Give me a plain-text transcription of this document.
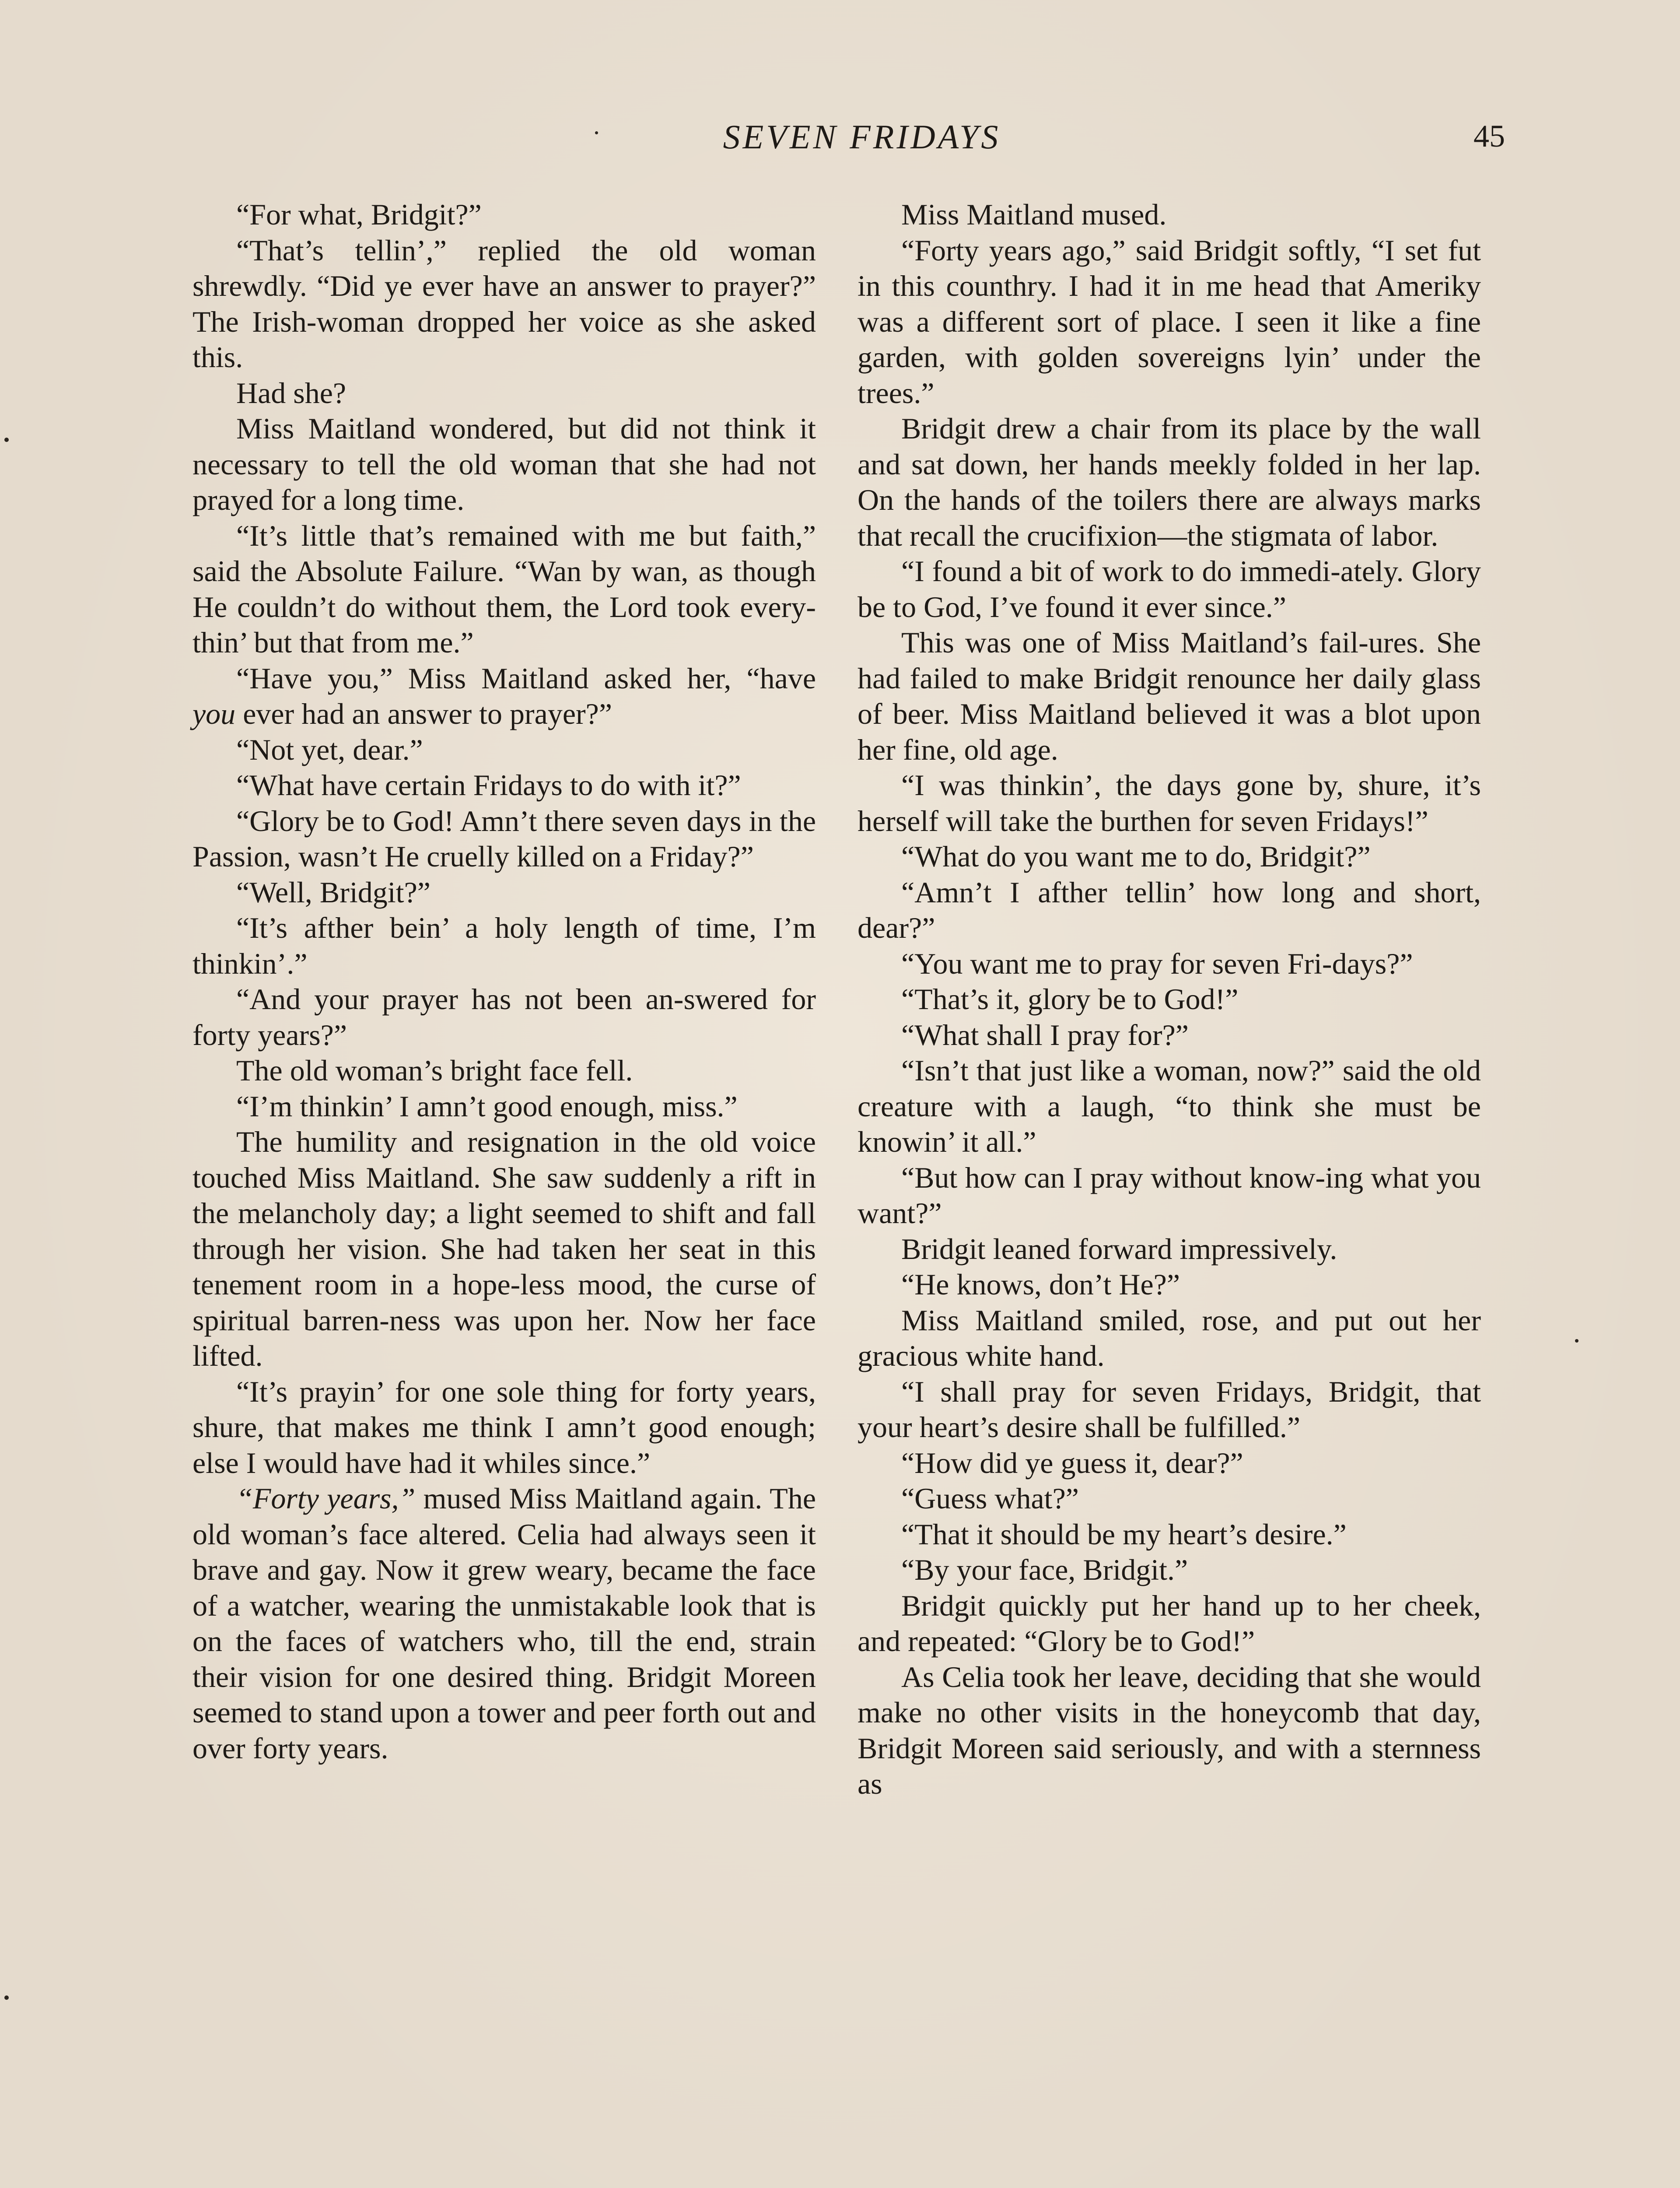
SEVEN FRIDAYS	45

“For what, Bridgit?”

“That’s tellin’,” replied the old woman shrewdly. “Did ye ever have an answer to prayer?” The Irish-woman dropped her voice as she asked this.

Had she?

Miss Maitland wondered, but did not think it necessary to tell the old woman that she had not prayed for a long time.

“It’s little that’s remained with me but faith,” said the Absolute Failure. “Wan by wan, as though He couldn’t do without them, the Lord took every-thin’ but that from me.”

“Have you,” Miss Maitland asked her, “have you ever had an answer to prayer?”

“Not yet, dear.”

“What have certain Fridays to do with it?”

“Glory be to God! Amn’t there seven days in the Passion, wasn’t He cruelly killed on a Friday?”

“Well, Bridgit?”

“It’s afther bein’ a holy length of time, I’m thinkin’.”

“And your prayer has not been an-swered for forty years?”

The old woman’s bright face fell.

“I’m thinkin’ I amn’t good enough, miss.”

The humility and resignation in the old voice touched Miss Maitland. She saw suddenly a rift in the melancholy day; a light seemed to shift and fall through her vision. She had taken her seat in this tenement room in a hope-less mood, the curse of spiritual barren-ness was upon her. Now her face lifted.

“It’s prayin’ for one sole thing for forty years, shure, that makes me think I amn’t good enough; else I would have had it whiles since.”

“Forty years,” mused Miss Maitland again. The old woman’s face altered. Celia had always seen it brave and gay. Now it grew weary, became the face of a watcher, wearing the unmistakable look that is on the faces of watchers who, till the end, strain their vision for one desired thing. Bridgit Moreen seemed to stand upon a tower and peer forth out and over forty years.

Miss Maitland mused.

“Forty years ago,” said Bridgit softly, “I set fut in this counthry. I had it in me head that Ameriky was a different sort of place. I seen it like a fine garden, with golden sovereigns lyin’ under the trees.”

Bridgit drew a chair from its place by the wall and sat down, her hands meekly folded in her lap. On the hands of the toilers there are always marks that recall the crucifixion—the stigmata of labor.

“I found a bit of work to do immedi-ately. Glory be to God, I’ve found it ever since.”

This was one of Miss Maitland’s fail-ures. She had failed to make Bridgit renounce her daily glass of beer. Miss Maitland believed it was a blot upon her fine, old age.

“I was thinkin’, the days gone by, shure, it’s herself will take the burthen for seven Fridays!”

“What do you want me to do, Bridgit?”

“Amn’t I afther tellin’ how long and short, dear?”

“You want me to pray for seven Fri-days?”

“That’s it, glory be to God!”

“What shall I pray for?”

“Isn’t that just like a woman, now?” said the old creature with a laugh, “to think she must be knowin’ it all.”

“But how can I pray without know-ing what you want?”

Bridgit leaned forward impressively.

“He knows, don’t He?”

Miss Maitland smiled, rose, and put out her gracious white hand.

“I shall pray for seven Fridays, Bridgit, that your heart’s desire shall be fulfilled.”

“How did ye guess it, dear?”

“Guess what?”

“That it should be my heart’s desire.”

“By your face, Bridgit.”

Bridgit quickly put her hand up to her cheek, and repeated: “Glory be to God!”

As Celia took her leave, deciding that she would make no other visits in the honeycomb that day, Bridgit Moreen said seriously, and with a sternness as
